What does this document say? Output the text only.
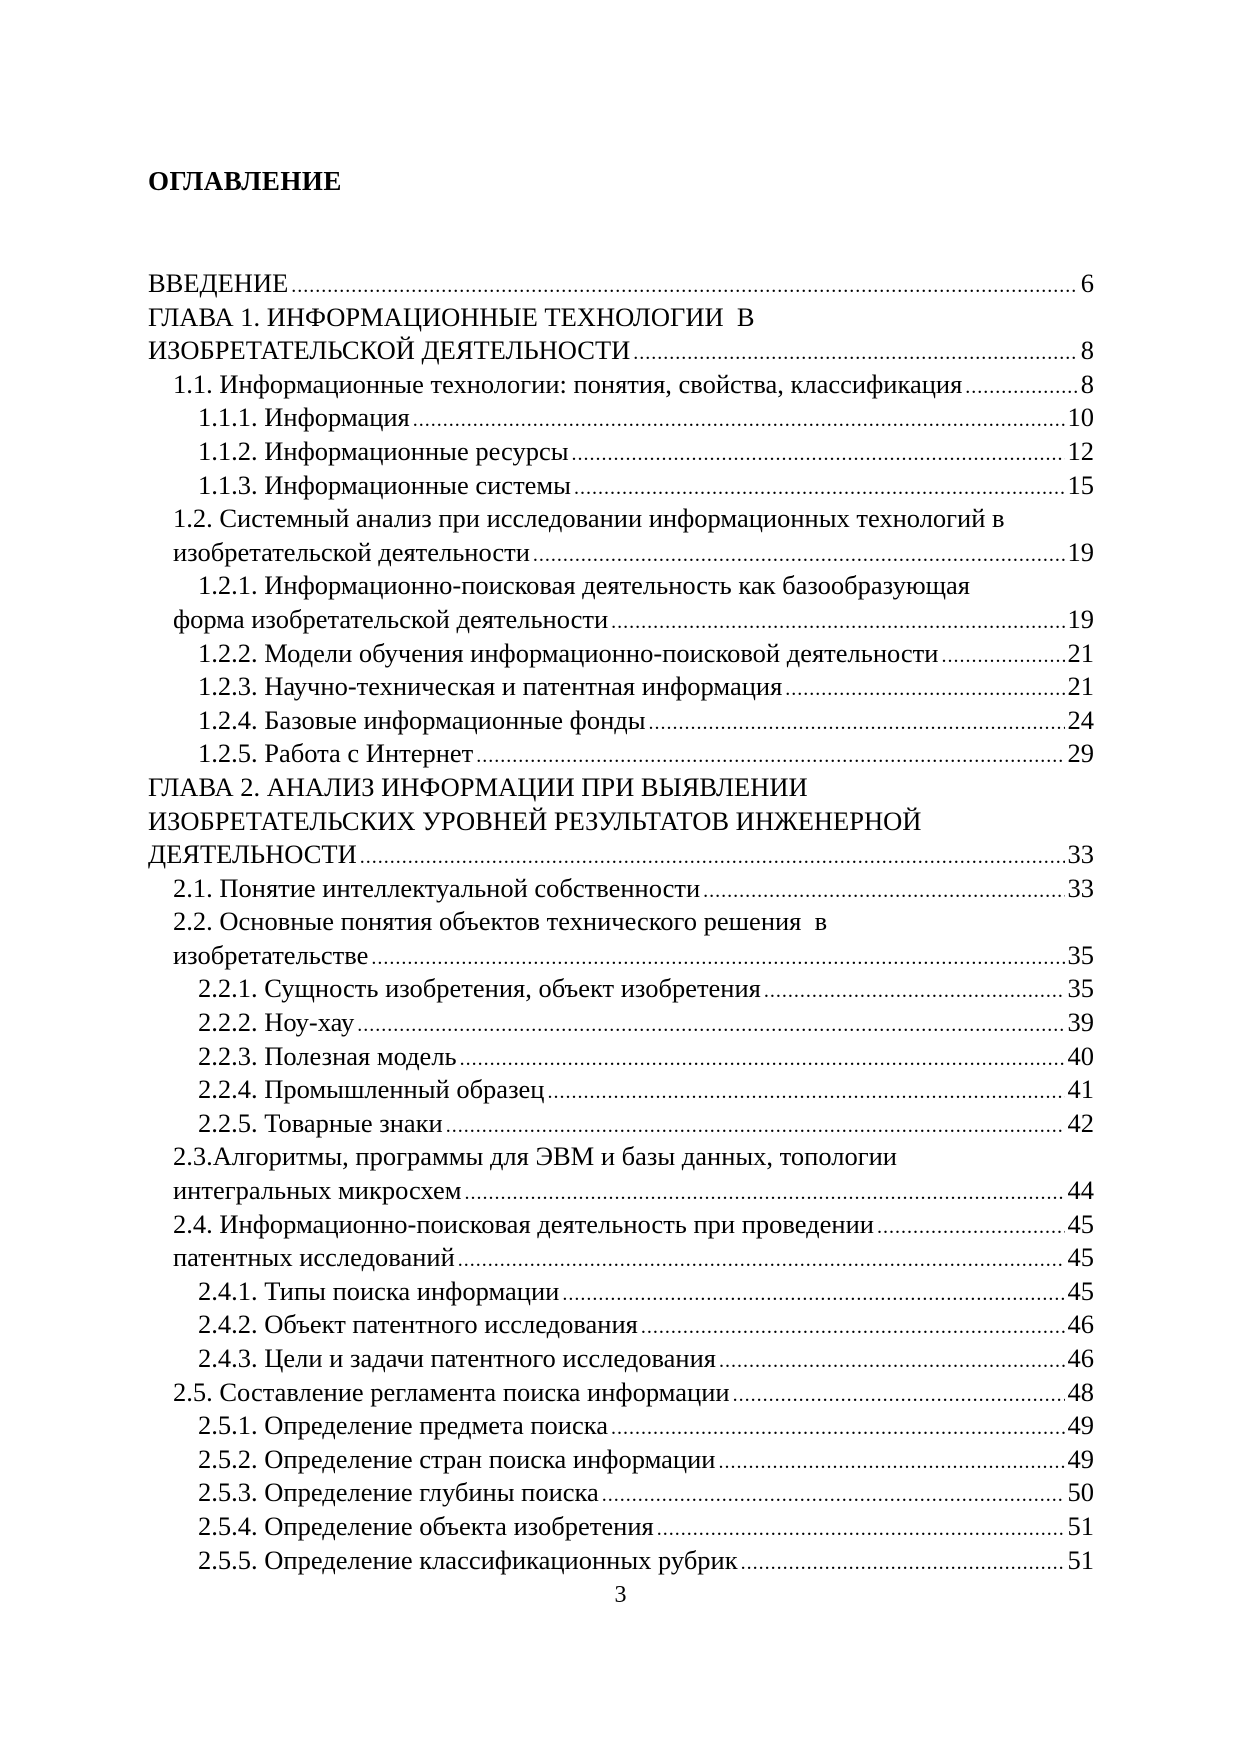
ОГЛАВЛЕНИЕ
ВВЕДЕНИЕ .....	6
ГЛАВА 1. ИНФОРМАЦИОННЫЕ ТЕХНОЛОГИИ  В
ИЗОБРЕТАТЕЛЬСКОЙ ДЕЯТЕЛЬНОСТИ .....	8
1.1. Информационные технологии: понятия, свойства, классификация .....	8
1.1.1. Информация .....	10
1.1.2. Информационные ресурсы .....	12
1.1.3. Информационные системы .....	15
1.2. Системный анализ при исследовании информационных технологий в
изобретательской деятельности .....	19
1.2.1. Информационно-поисковая деятельность как базообразующая
форма изобретательской деятельности .....	19
1.2.2. Модели обучения информационно-поисковой деятельности .....	21
1.2.3. Научно-техническая и патентная информация .....	21
1.2.4. Базовые информационные фонды .....	24
1.2.5. Работа с Интернет .....	29
ГЛАВА 2. АНАЛИЗ ИНФОРМАЦИИ ПРИ ВЫЯВЛЕНИИ
ИЗОБРЕТАТЕЛЬСКИХ УРОВНЕЙ РЕЗУЛЬТАТОВ ИНЖЕНЕРНОЙ
ДЕЯТЕЛЬНОСТИ .....	33
2.1. Понятие интеллектуальной собственности .....	33
2.2. Основные понятия объектов технического решения  в
изобретательстве .....	35
2.2.1. Сущность изобретения, объект изобретения .....	35
2.2.2. Ноу-хау .....	39
2.2.3. Полезная модель .....	40
2.2.4. Промышленный образец .....	41
2.2.5. Товарные знаки .....	42
2.3.Алгоритмы, программы для ЭВМ и базы данных, топологии
интегральных микросхем .....	44
2.4. Информационно-поисковая деятельность при проведении .....	45
патентных исследований .....	45
2.4.1. Типы поиска информации .....	45
2.4.2. Объект патентного исследования .....	46
2.4.3. Цели и задачи патентного исследования .....	46
2.5. Составление регламента поиска информации .....	48
2.5.1. Определение предмета поиска .....	49
2.5.2. Определение стран поиска информации .....	49
2.5.3. Определение глубины поиска .....	50
2.5.4. Определение объекта изобретения .....	51
2.5.5. Определение классификационных рубрик .....	51
3
